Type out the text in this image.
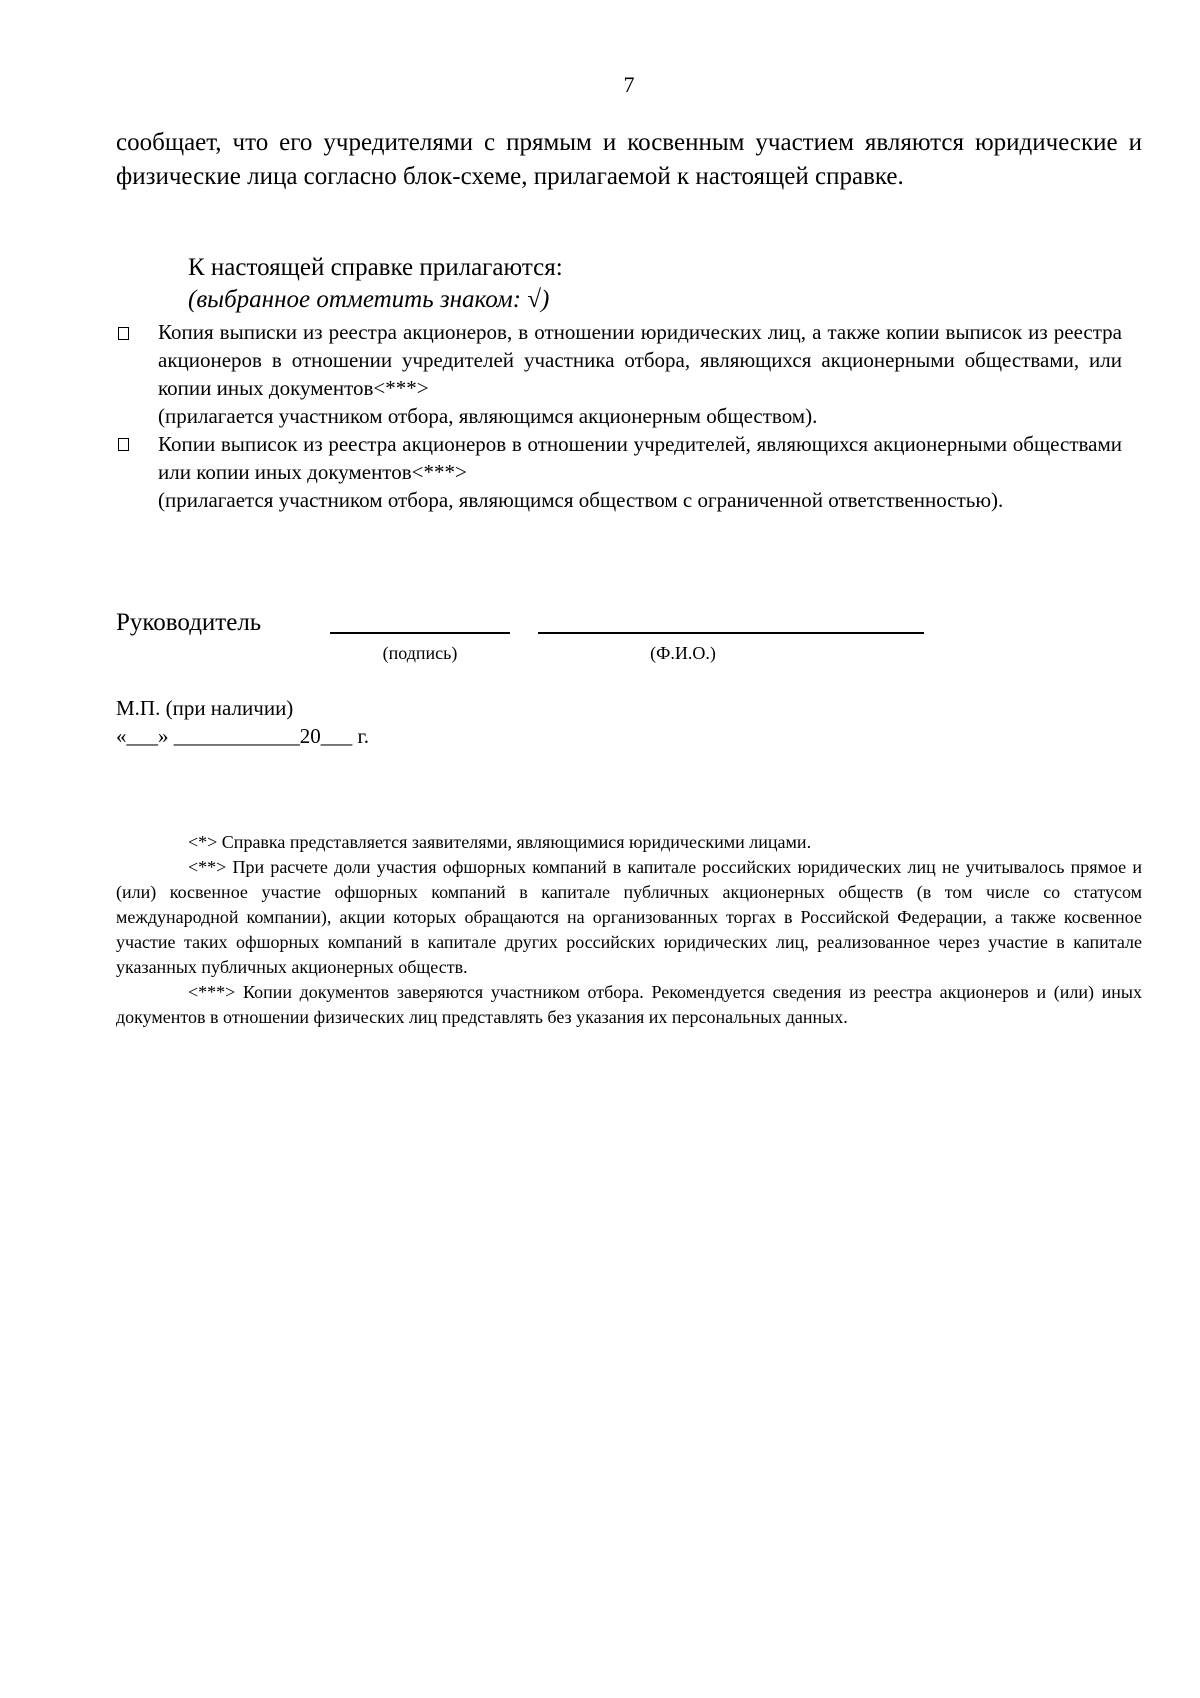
7
сообщает, что его учредителями с прямым и косвенным участием являются юридические и физические лица согласно блок-схеме, прилагаемой к настоящей справке.
К настоящей справке прилагаются:
(выбранное отметить знаком: √)
Копия выписки из реестра акционеров, в отношении юридических лиц, а также копии выписок из реестра акционеров в отношении учредителей участника отбора, являющихся акционерными обществами, или копии иных документов<***>
(прилагается участником отбора, являющимся акционерным обществом).
Копии выписок из реестра акционеров в отношении учредителей, являющихся акционерными обществами или копии иных документов<***>
(прилагается участником отбора, являющимся обществом с ограниченной ответственностью).
Руководитель
(подпись)	(Ф.И.О.)
М.П. (при наличии)
«___» ____________20___ г.

<*> Справка представляется заявителями, являющимися юридическими лицами.

<**> При расчете доли участия офшорных компаний в капитале российских юридических лиц не учитывалось прямое и (или) косвенное участие офшорных компаний в капитале публичных акционерных обществ (в том числе со статусом международной компании), акции которых обращаются на организованных торгах в Российской Федерации, а также косвенное участие таких офшорных компаний в капитале других российских юридических лиц, реализованное через участие в капитале указанных публичных акционерных обществ.

<***> Копии документов заверяются участником отбора. Рекомендуется сведения из реестра акционеров и (или) иных документов в отношении физических лиц представлять без указания их персональных данных.
